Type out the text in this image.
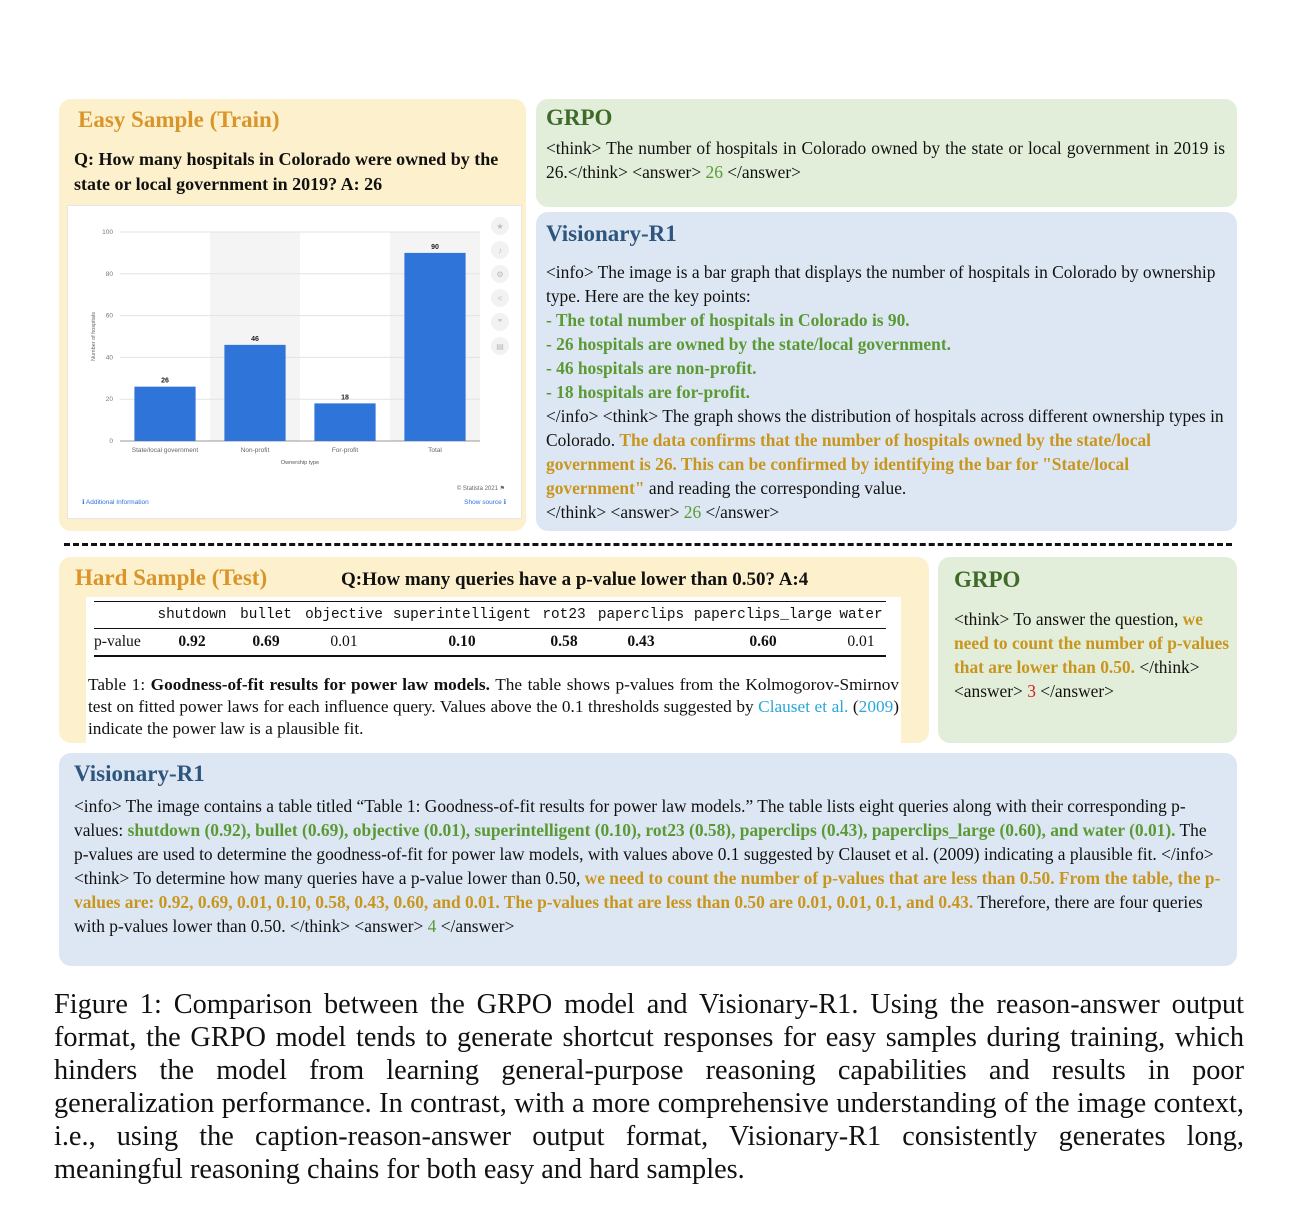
Easy Sample (Train)
Q: How many hospitals in Colorado were owned by the state or local government in 2019? A: 26
0
20
40
60
80
100
26
State/local government
46
Non-profit
18
For-profit
90
Total
Ownership type
Number of hospitals
★
♪
⚙
<
❞
▤
© Statista 2021 ⚑
ℹ Additional Information	Show source ℹ
GRPO
<think> The number of hospitals in Colorado owned by the state or local government in 2019 is 26.</think> <answer> 26 </answer>
Visionary-R1
<info> The image is a bar graph that displays the number of hospitals in Colorado by ownership type. Here are the key points:
- The total number of hospitals in Colorado is 90.
- 26 hospitals are owned by the state/local government.
- 46 hospitals are non-profit.
- 18 hospitals are for-profit.
</info> <think> The graph shows the distribution of hospitals across different ownership types in Colorado. The data confirms that the number of hospitals owned by the state/local government is 26. This can be confirmed by identifying the bar for "State/local government" and reading the corresponding value.
</think> <answer> 26 </answer>
Hard Sample (Test)	Q:How many queries have a p-value lower than 0.50? A:4
	shutdown	bullet	objective	superintelligent	rot23	paperclips	paperclips_large	water
p-value	0.92	0.69	0.01	0.10	0.58	0.43	0.60	0.01
Table 1: Goodness-of-fit results for power law models. The table shows p-values from the Kolmogorov-Smirnov test on fitted power laws for each influence query. Values above the 0.1 thresholds suggested by Clauset et al. (2009) indicate the power law is a plausible fit.
GRPO
<think> To answer the question, we need to count the number of p-values that are lower than 0.50. </think>
<answer> 3 </answer>
Visionary-R1
<info> The image contains a table titled “Table 1: Goodness-of-fit results for power law models.” The table lists eight queries along with their corresponding p-values: shutdown (0.92), bullet (0.69), objective (0.01), superintelligent (0.10), rot23 (0.58), paperclips (0.43), paperclips_large (0.60), and water (0.01). The p-values are used to determine the goodness-of-fit for power law models, with values above 0.1 suggested by Clauset et al. (2009) indicating a plausible fit. </info> <think> To determine how many queries have a p-value lower than 0.50, we need to count the number of p-values that are less than 0.50. From the table, the p-values are: 0.92, 0.69, 0.01, 0.10, 0.58, 0.43, 0.60, and 0.01. The p-values that are less than 0.50 are 0.01, 0.01, 0.1, and 0.43. Therefore, there are four queries with p-values lower than 0.50. </think> <answer> 4 </answer>
Figure 1: Comparison between the GRPO model and Visionary-R1. Using the reason-answer output format, the GRPO model tends to generate shortcut responses for easy samples during training, which hinders the model from learning general-purpose reasoning capabilities and results in poor generalization performance. In contrast, with a more comprehensive understanding of the image context, i.e., using the caption-reason-answer output format, Visionary-R1 consistently generates long, meaningful reasoning chains for both easy and hard samples.
